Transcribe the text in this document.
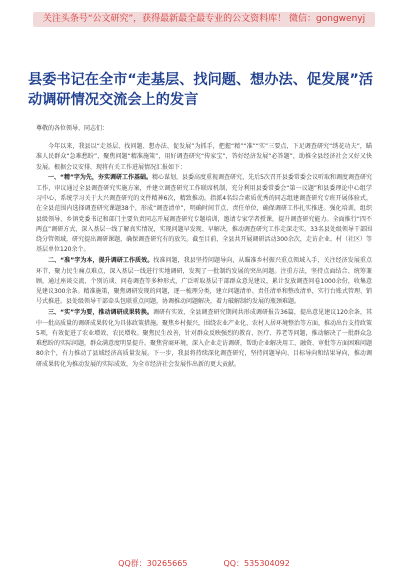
关注头条号“公文研究”，获得最新最全最专业的公文资料库！ 微信：gongwenyj
县委书记在全市“走基层、找问题、想办法、促发展”活动调研情况交流会上的发言
尊敬的各位领导、同志们：

今年以来，我县以“走基层、找问题、想办法、促发展”为抓手，把握“精”“准”“实”三要点，下足调查研究“绣花功夫”，瞄准人民群众“急难愁盼”，聚焦问题“精准施策”，用好调查研究“传家宝”，答好经济发展“必答题”，助推全县经济社会又好又快发展。根据会议安排，现将有关工作进展情况汇报如下：

一、“精”字为先，夯实调研工作基础。精心谋划，县委高度重视调查研究，先后5次召开县委常委会议听取和调度调查研究工作，审议通过全县调查研究实施方案，并建立调查研究工作联席机制，充分利用县委常委会“第一议题”和县委理论中心组学习中心，系统学习关于大兴调查研究的文件精神6次，精致推动。指派4名综合素质优秀的同志组建调查研究专班开展体验式，在全县范围内选择调查研究课题38个，形成“调查清单”，明确时间节点、责任单位，确保调研工作扎实推进。强化培训，组织县级领导、乡镇党委书记和部门主要负责同志开展调查研究专题培训，邀请专家学者授课，提升调查研究能力。全面推行“四不两直”调研方式，深入基层一线了解真实情况，实现问题早发现、早解决，推动调查研究工作走深走实。33名县处级领导干部围绕分管领域，研究提出调研课题，确保调查研究有的放矢。截至目前，全县共开展调研活动300余次，走访企业、村（社区）等基层单位120余个。

二、“准”字为本，提升调研工作质效。找准问题，我县坚持问题导向，从瞄准乡村振兴重点领域入手，关注经济发展重点环节，聚力民生痛点难点，深入基层一线进行实地调研，发现了一批制约发展的突出问题。注重方法，坚持点面结合、统筹兼顾，通过座谈交流、个别访谈、问卷调查等多种形式，广泛听取基层干部群众意见建议，累计发放调查问卷1000余份，收集意见建议300余条。精准施策，聚焦调研发现的问题，逐一梳理分类，建立问题清单、责任清单和整改清单，实行台账式管理、销号式推进。县处级领导干部牵头包联重点问题，协调推动问题解决，着力破解制约发展的瓶颈难题。

三、“实”字为要，推动调研成果转换。调研有实效，全县调查研究期间共形成调研报告36篇，提出意见建议120余条，其中一批高质量的调研成果转化为具体政策措施。聚焦乡村振兴，围绕农业产业化、农村人居环境整治等方面，推动出台支持政策5项，有效促进了农业增效、农民增收。聚焦民生改善，针对群众反映强烈的教育、医疗、养老等问题，推动解决了一批群众急难愁盼的实际问题，群众满意度明显提升。聚焦营商环境，深入企业走访调研，帮助企业解决用工、融资、审批等方面困难问题80余个，有力推动了县域经济高质量发展。下一步，我县将持续深化调查研究，坚持问题导向、目标导向和结果导向，推动调研成果转化为推动发展的实际成效，为全市经济社会发展作出新的更大贡献。

QQ群：30265665	QQ：535304092
